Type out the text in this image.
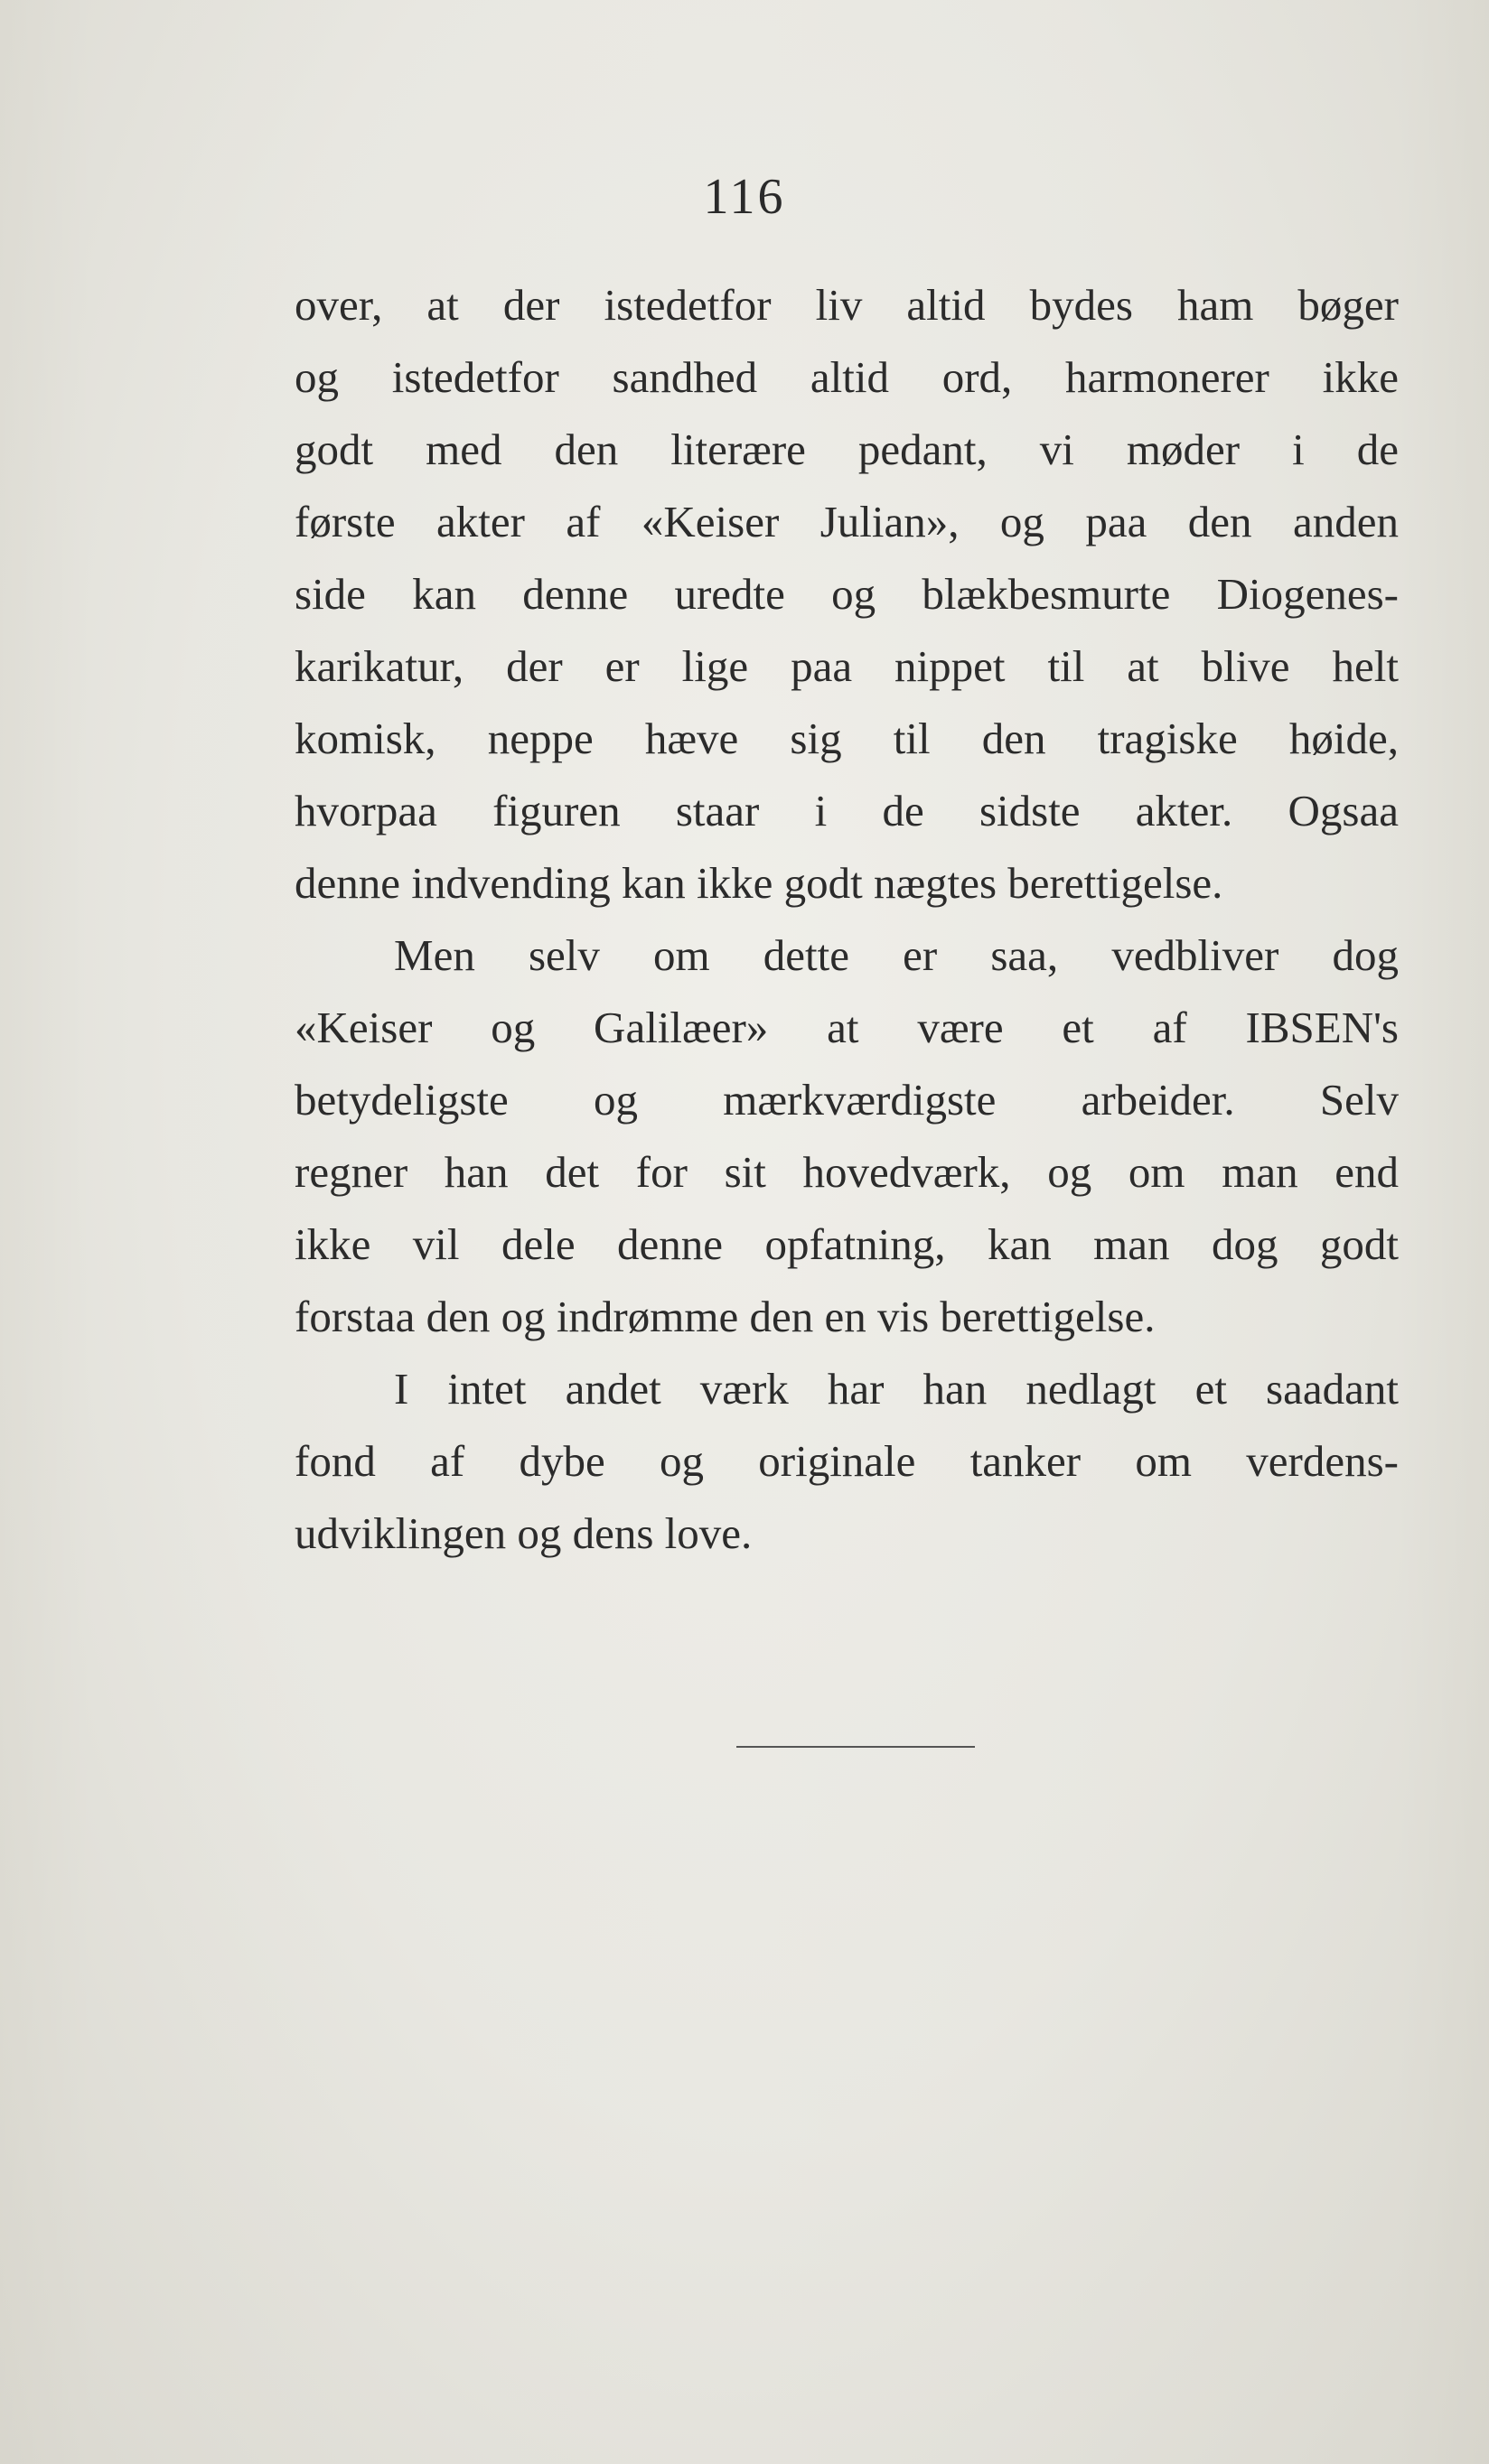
116
over, at der istedetfor liv altid bydes ham bøger
og istedetfor sandhed altid ord, harmonerer ikke
godt med den literære pedant, vi møder i de
første akter af «Keiser Julian», og paa den anden
side kan denne uredte og blækbesmurte Diogenes-
karikatur, der er lige paa nippet til at blive helt
komisk, neppe hæve sig til den tragiske høide,
hvorpaa figuren staar i de sidste akter. Ogsaa
denne indvending kan ikke godt nægtes berettigelse.
Men selv om dette er saa, vedbliver dog
«Keiser og Galilæer» at være et af IBSEN's
betydeligste og mærkværdigste arbeider. Selv
regner han det for sit hovedværk, og om man end
ikke vil dele denne opfatning, kan man dog godt
forstaa den og indrømme den en vis berettigelse.
I intet andet værk har han nedlagt et saadant
fond af dybe og originale tanker om verdens-
udviklingen og dens love.
